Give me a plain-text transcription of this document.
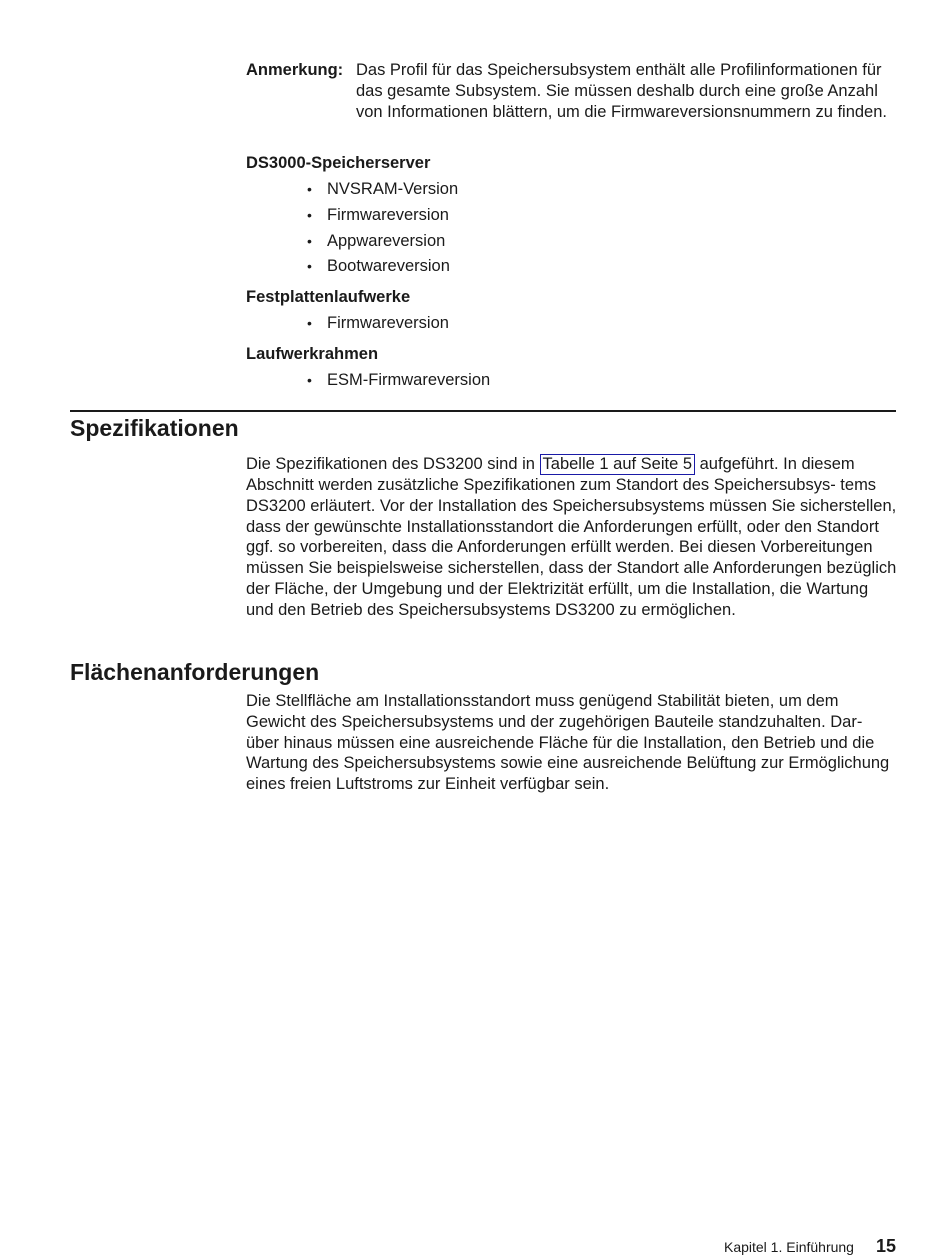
Anmerkung: Das Profil für das Speichersubsystem enthält alle Profilinformationen für das gesamte Subsystem. Sie müssen deshalb durch eine große Anzahl von Informationen blättern, um die Firmwareversionsnummern zu finden.
DS3000-Speicherserver
• NVSRAM-Version
• Firmwareversion
• Appwareversion
• Bootwareversion
Festplattenlaufwerke
• Firmwareversion
Laufwerkrahmen
• ESM-Firmwareversion
Spezifikationen
Die Spezifikationen des DS3200 sind in Tabelle 1 auf Seite 5 aufgeführt. In diesem Abschnitt werden zusätzliche Spezifikationen zum Standort des Speichersubsys- tems DS3200 erläutert. Vor der Installation des Speichersubsystems müssen Sie sicherstellen, dass der gewünschte Installationsstandort die Anforderungen erfüllt, oder den Standort ggf. so vorbereiten, dass die Anforderungen erfüllt werden. Bei diesen Vorbereitungen müssen Sie beispielsweise sicherstellen, dass der Standort alle Anforderungen bezüglich der Fläche, der Umgebung und der Elektrizität erfüllt, um die Installation, die Wartung und den Betrieb des Speichersubsystems DS3200 zu ermöglichen.
Flächenanforderungen
Die Stellfläche am Installationsstandort muss genügend Stabilität bieten, um dem Gewicht des Speichersubsystems und der zugehörigen Bauteile standzuhalten. Dar- über hinaus müssen eine ausreichende Fläche für die Installation, den Betrieb und die Wartung des Speichersubsystems sowie eine ausreichende Belüftung zur Ermöglichung eines freien Luftstroms zur Einheit verfügbar sein.
Kapitel 1. Einführung 15
